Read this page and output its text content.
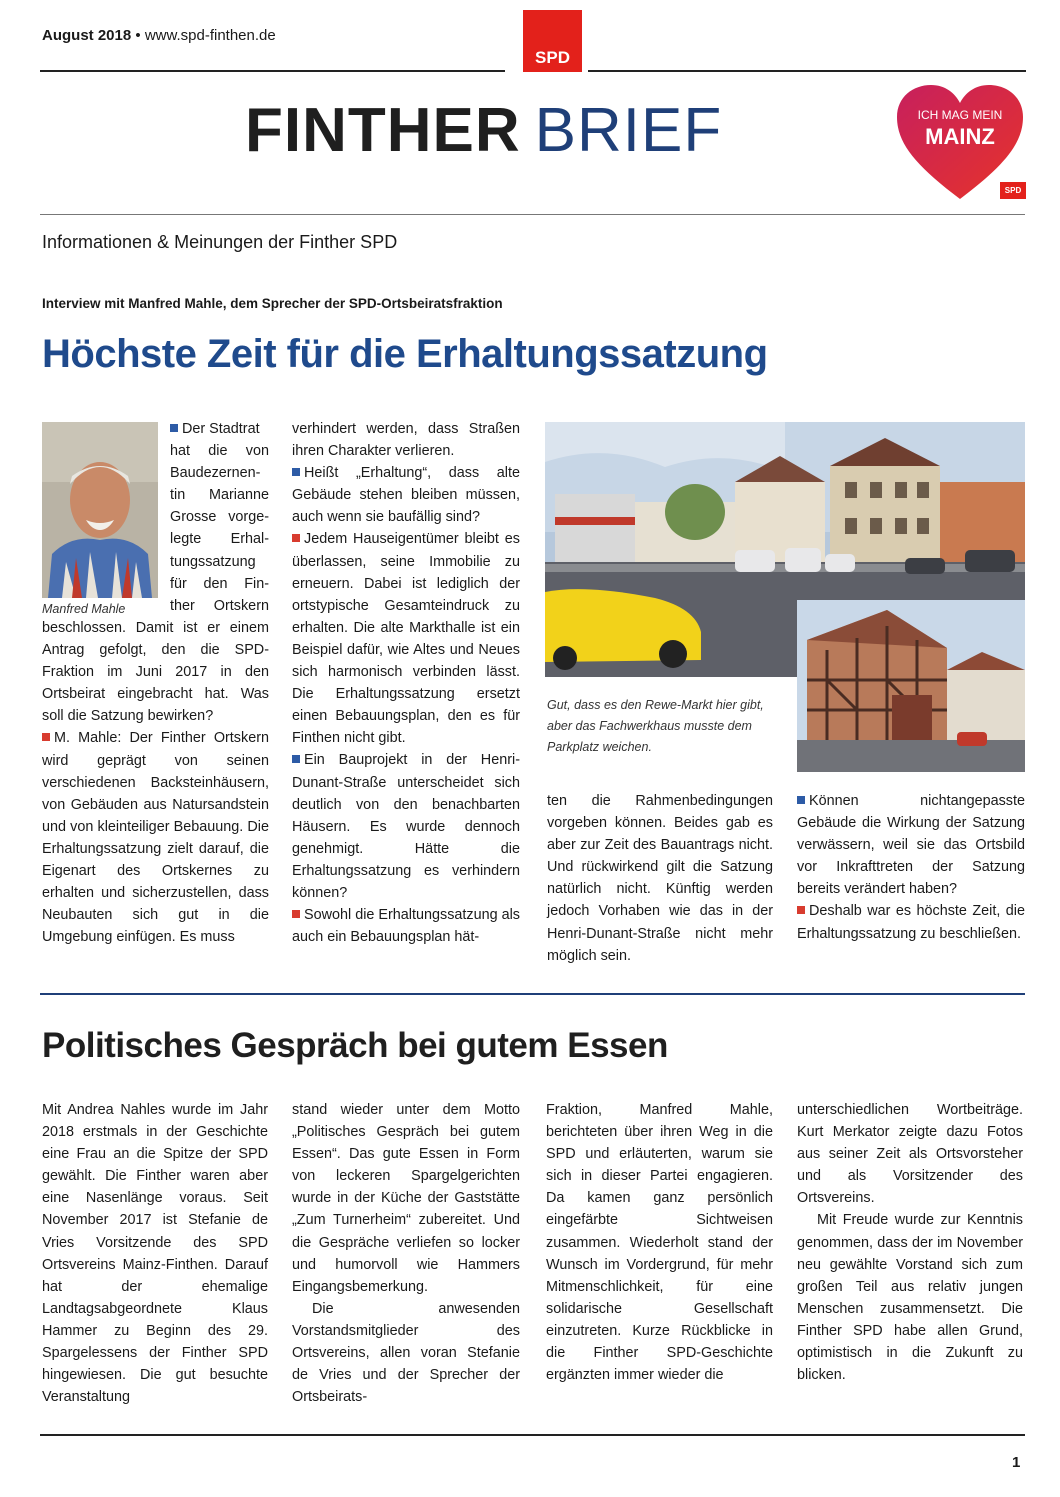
August 2018 • www.spd-finthen.de
SPD
FINTHER BRIEF	ICH MAG MEIN
MAINZ
SPD
Informationen & Meinungen der Finther SPD
Interview mit Manfred Mahle, dem Sprecher der SPD-Ortsbeiratsfraktion
Höchste Zeit für die Erhaltungssatzung
Manfred Mahle

Der Stadtrat

hat die von

Baudezernen-

tin Marianne

Grosse vorge-

legte Erhal-

tungssatzung

für den Fin-

ther Ortskern

beschlossen. Damit ist er einem Antrag gefolgt, den die SPD-Fraktion im Juni 2017 in den Ortsbeirat eingebracht hat. Was soll die Satzung bewirken?

M. Mahle: Der Finther Ortskern wird geprägt von seinen verschiedenen Backsteinhäusern, von Gebäuden aus Natursandstein und von kleinteiliger Bebauung. Die Erhaltungssatzung zielt darauf, die Eigenart des Ortskernes zu erhalten und sicherzustellen, dass Neubauten sich gut in die Umgebung einfügen. Es muss

verhindert werden, dass Straßen ihren Charakter verlieren.

Heißt „Erhaltung“, dass alte Gebäude stehen bleiben müssen, auch wenn sie baufällig sind?

Jedem Hauseigentümer bleibt es überlassen, seine Immobilie zu erneuern. Dabei ist lediglich der ortstypische Gesamteindruck zu erhalten. Die alte Markthalle ist ein Beispiel dafür, wie Altes und Neues sich harmonisch verbinden lässt. Die Erhaltungssatzung ersetzt einen Bebauungsplan, den es für Finthen nicht gibt.

Ein Bauprojekt in der Henri-Dunant-Straße unterscheidet sich deutlich von den benachbarten Häusern. Es wurde dennoch genehmigt. Hätte die Erhaltungssatzung es verhindern können?

Sowohl die Erhaltungssatzung als auch ein Bebauungsplan hät-

Gut, dass es den Rewe-Markt hier gibt, aber das Fachwerkhaus musste dem Parkplatz weichen.

ten die Rahmenbedingungen vorgeben können. Beides gab es aber zur Zeit des Bauantrags nicht. Und rückwirkend gilt die Satzung natürlich nicht. Künftig werden jedoch Vorhaben wie das in der Henri-Dunant-Straße nicht mehr möglich sein.

Können nichtangepasste Gebäude die Wirkung der Satzung verwässern, weil sie das Ortsbild vor Inkrafttreten der Satzung bereits verändert haben?

Deshalb war es höchste Zeit, die Erhaltungssatzung zu beschließen.

Politisches Gespräch bei gutem Essen

Mit Andrea Nahles wurde im Jahr 2018 erstmals in der Geschichte eine Frau an die Spitze der SPD gewählt. Die Finther waren aber eine Nasenlänge voraus. Seit November 2017 ist Stefanie de Vries Vorsitzende des SPD Ortsvereins Mainz-Finthen. Darauf hat der ehemalige Landtagsabgeordnete Klaus Hammer zu Beginn des 29. Spargelessens der Finther SPD hingewiesen. Die gut besuchte Veranstaltung

stand wieder unter dem Motto „Politisches Gespräch bei gutem Essen“. Das gute Essen in Form von leckeren Spargelgerichten wurde in der Küche der Gaststätte „Zum Turnerheim“ zubereitet. Und die Gespräche verliefen so locker und humorvoll wie Hammers Eingangsbemerkung.

Die anwesenden Vorstandsmitglieder des Ortsvereins, allen voran Stefanie de Vries und der Sprecher der Ortsbeirats-

Fraktion, Manfred Mahle, berichteten über ihren Weg in die SPD und erläuterten, warum sie sich in dieser Partei engagieren. Da kamen ganz persönlich eingefärbte Sichtweisen zusammen. Wiederholt stand der Wunsch im Vordergrund, für mehr Mitmenschlichkeit, für eine solidarische Gesellschaft einzutreten. Kurze Rückblicke in die Finther SPD-Geschichte ergänzten immer wieder die

unterschiedlichen Wortbeiträge. Kurt Merkator zeigte dazu Fotos aus seiner Zeit als Ortsvorsteher und als Vorsitzender des Ortsvereins.

Mit Freude wurde zur Kenntnis genommen, dass der im November neu gewählte Vorstand sich zum großen Teil aus relativ jungen Menschen zusammensetzt. Die Finther SPD habe allen Grund, optimistisch in die Zukunft zu blicken.

1
